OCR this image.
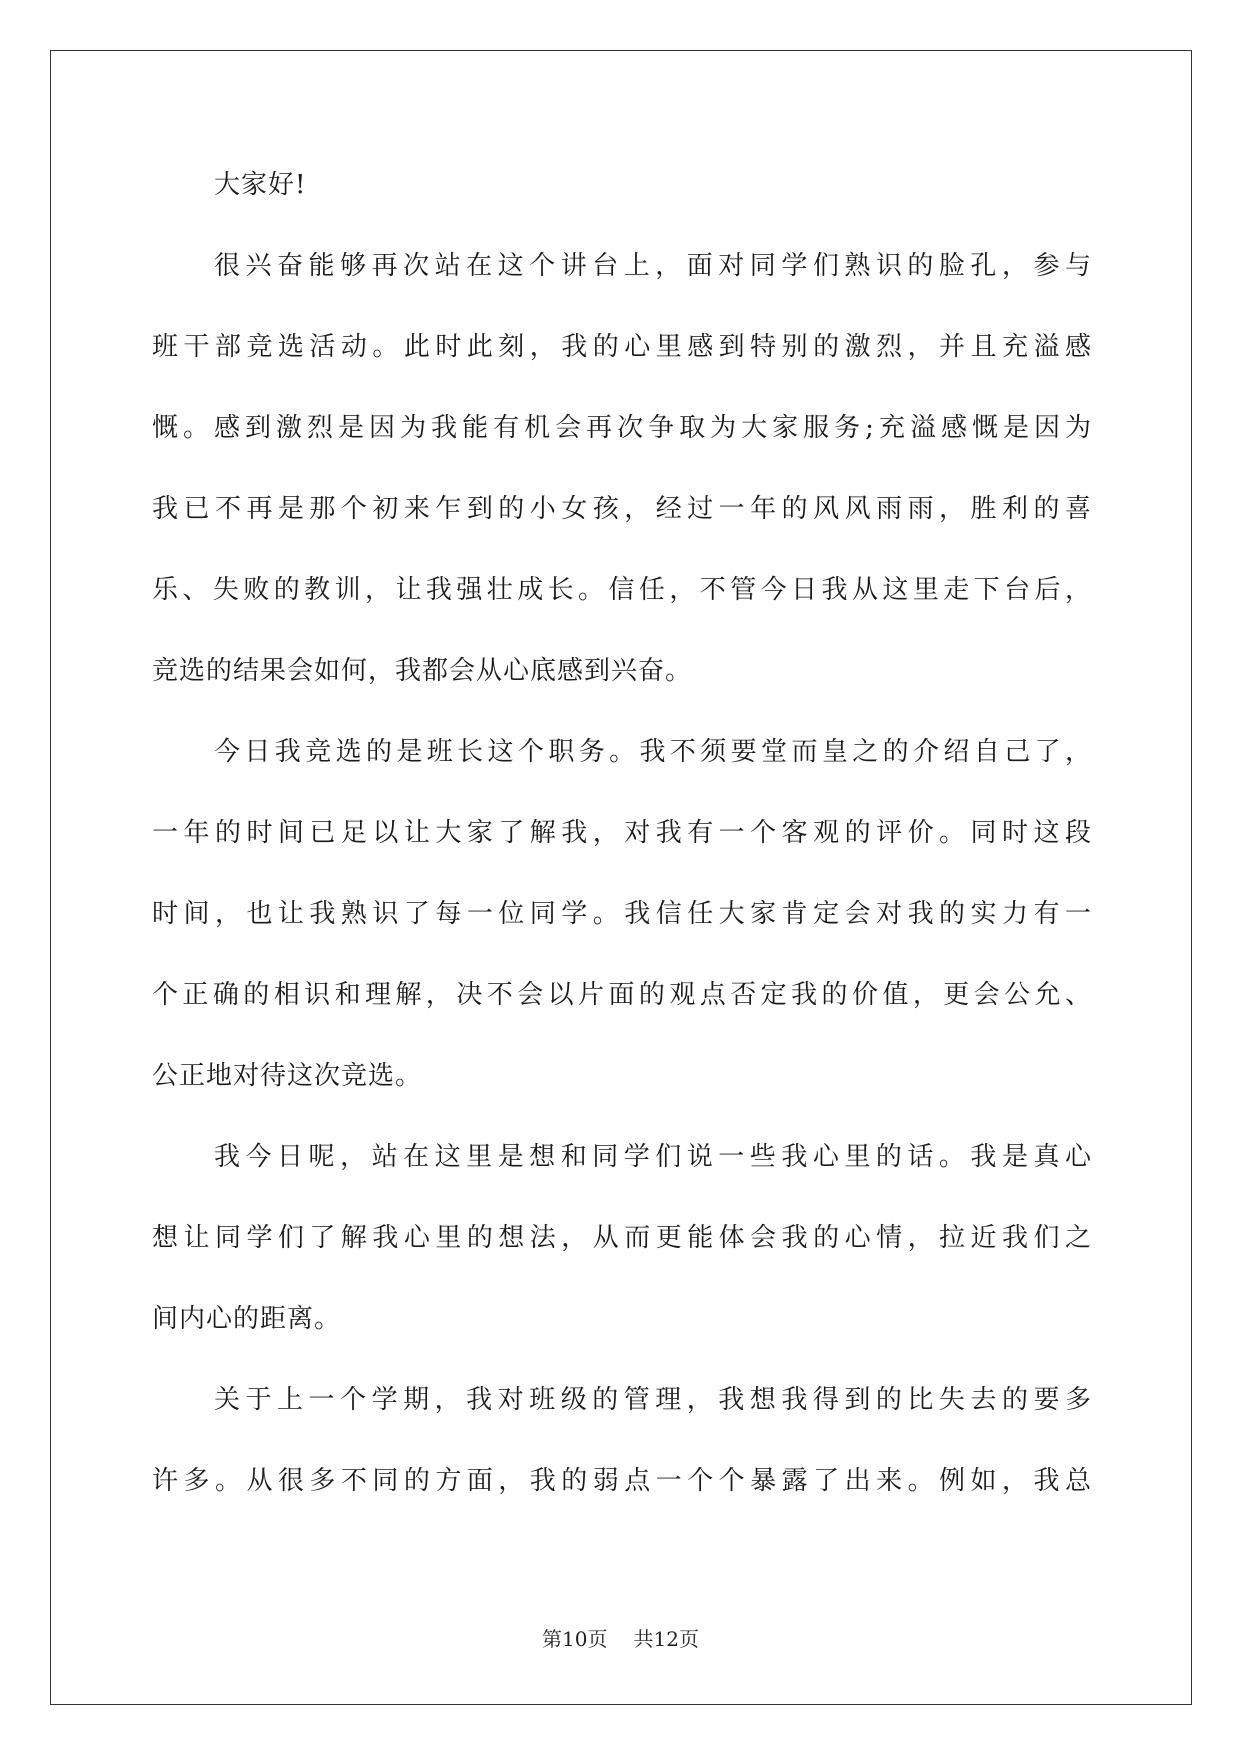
大家好!
很兴奋能够再次站在这个讲台上，面对同学们熟识的脸孔，参与
班干部竞选活动。此时此刻，我的心里感到特别的激烈，并且充溢感
慨。感到激烈是因为我能有机会再次争取为大家服务;充溢感慨是因为
我已不再是那个初来乍到的小女孩，经过一年的风风雨雨，胜利的喜
乐、失败的教训，让我强壮成长。信任，不管今日我从这里走下台后，
竞选的结果会如何，我都会从心底感到兴奋。
今日我竞选的是班长这个职务。我不须要堂而皇之的介绍自己了，
一年的时间已足以让大家了解我，对我有一个客观的评价。同时这段
时间，也让我熟识了每一位同学。我信任大家肯定会对我的实力有一
个正确的相识和理解，决不会以片面的观点否定我的价值，更会公允、
公正地对待这次竞选。
我今日呢，站在这里是想和同学们说一些我心里的话。我是真心
想让同学们了解我心里的想法，从而更能体会我的心情，拉近我们之
间内心的距离。
关于上一个学期，我对班级的管理，我想我得到的比失去的要多
许多。从很多不同的方面，我的弱点一个个暴露了出来。例如，我总
第10页 共12页
